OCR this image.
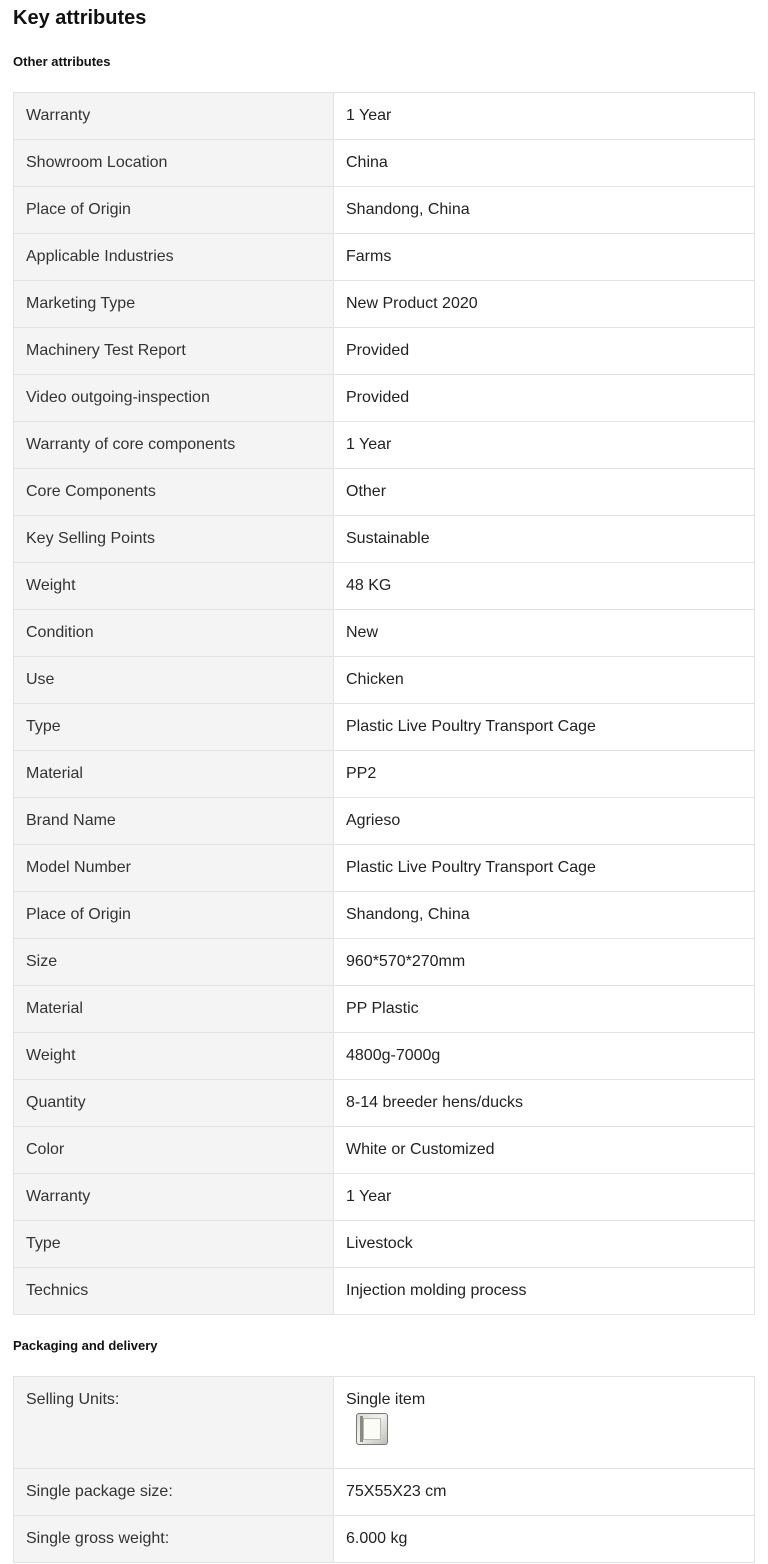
Key attributes
Other attributes
Warranty	1 Year
Showroom Location	China
Place of Origin	Shandong, China
Applicable Industries	Farms
Marketing Type	New Product 2020
Machinery Test Report	Provided
Video outgoing-inspection	Provided
Warranty of core components	1 Year
Core Components	Other
Key Selling Points	Sustainable
Weight	48 KG
Condition	New
Use	Chicken
Type	Plastic Live Poultry Transport Cage
Material	PP2
Brand Name	Agrieso
Model Number	Plastic Live Poultry Transport Cage
Place of Origin	Shandong, China
Size	960*570*270mm
Material	PP Plastic
Weight	4800g-7000g
Quantity	8-14 breeder hens/ducks
Color	White or Customized
Warranty	1 Year
Type	Livestock
Technics	Injection molding process
Packaging and delivery
Selling Units:	Single item

Single package size:	75X55X23 cm
Single gross weight:	6.000 kg
